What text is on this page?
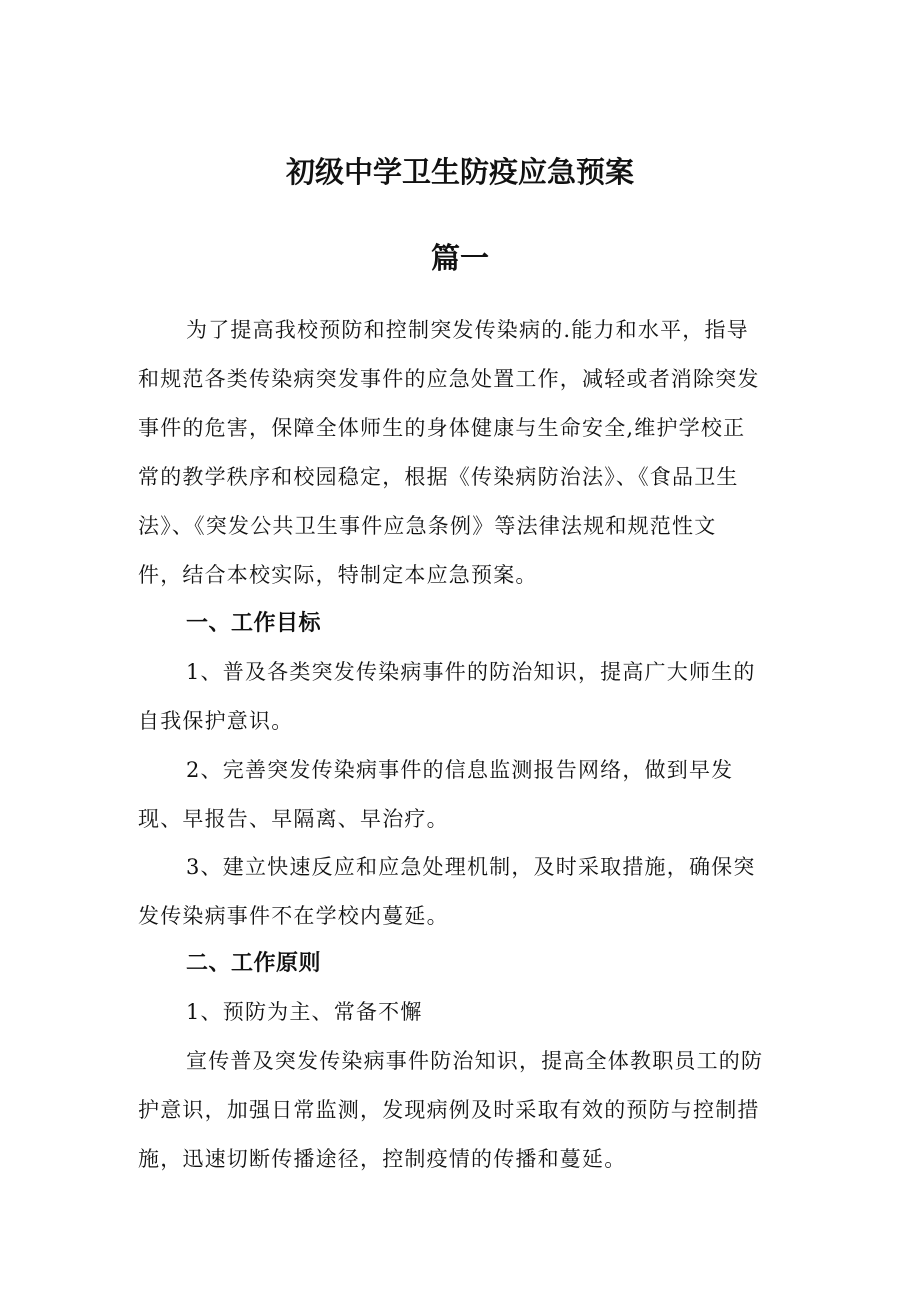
初级中学卫生防疫应急预案
篇一
为了提高我校预防和控制突发传染病的.能力和水平，指导
和规范各类传染病突发事件的应急处置工作，减轻或者消除突发
事件的危害，保障全体师生的身体健康与生命安全,维护学校正
常的教学秩序和校园稳定，根据《传染病防治法》、《食品卫生
法》、《突发公共卫生事件应急条例》等法律法规和规范性文
件，结合本校实际，特制定本应急预案。
一、工作目标
1、普及各类突发传染病事件的防治知识，提高广大师生的
自我保护意识。
2、完善突发传染病事件的信息监测报告网络，做到早发
现、早报告、早隔离、早治疗。
3、建立快速反应和应急处理机制，及时采取措施，确保突
发传染病事件不在学校内蔓延。
二、工作原则
1、预防为主、常备不懈
宣传普及突发传染病事件防治知识，提高全体教职员工的防
护意识，加强日常监测，发现病例及时采取有效的预防与控制措
施，迅速切断传播途径，控制疫情的传播和蔓延。
